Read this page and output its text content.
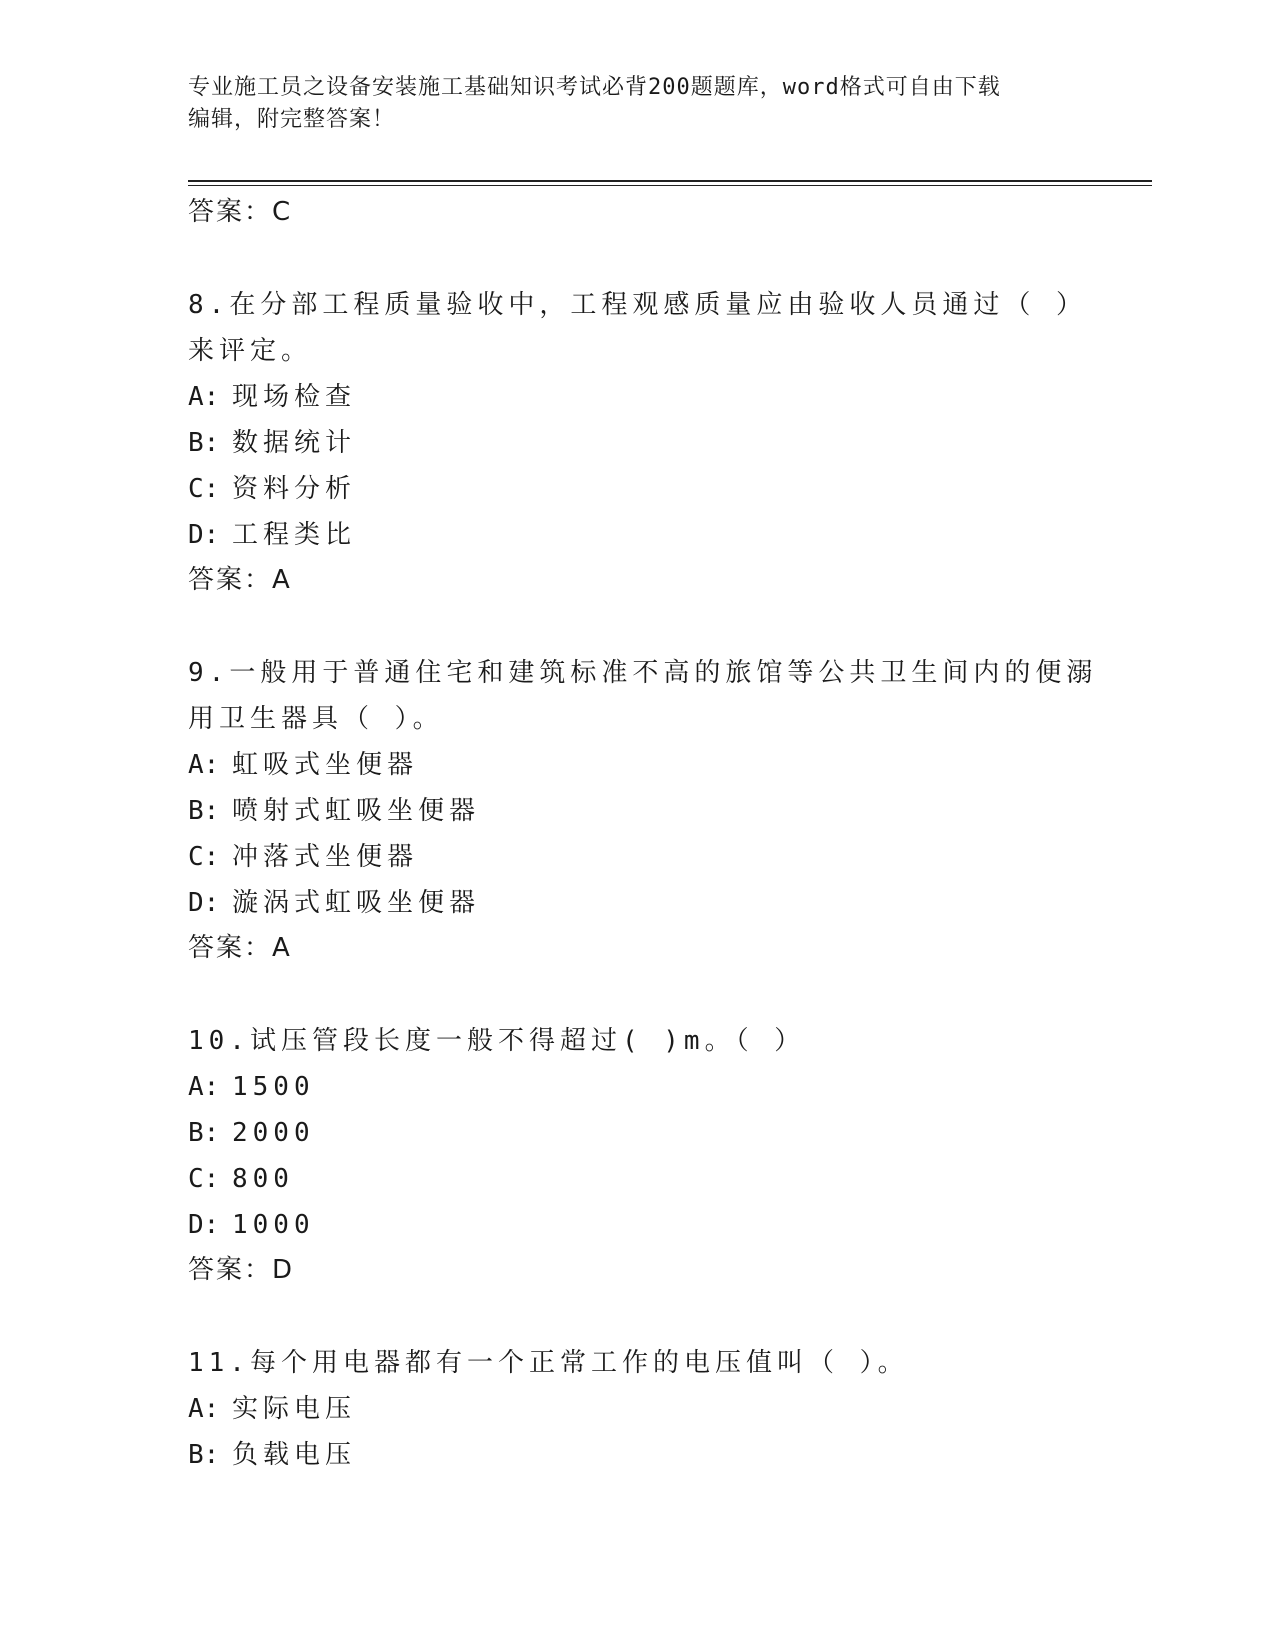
专业施工员之设备安装施工基础知识考试必背200题题库，word格式可自由下载
编辑，附完整答案！
答案：C
8.在分部工程质量验收中，工程观感质量应由验收人员通过（ ）来评定。
A: 现场检查
B: 数据统计
C: 资料分析
D: 工程类比
答案：A
9.一般用于普通住宅和建筑标准不高的旅馆等公共卫生间内的便溺用卫生器具（ ）。
A: 虹吸式坐便器
B: 喷射式虹吸坐便器
C: 冲落式坐便器
D: 漩涡式虹吸坐便器
答案：A
10.试压管段长度一般不得超过( )m。（ ）
A: 1500
B: 2000
C: 800
D: 1000
答案：D
11.每个用电器都有一个正常工作的电压值叫（ ）。
A: 实际电压
B: 负载电压
